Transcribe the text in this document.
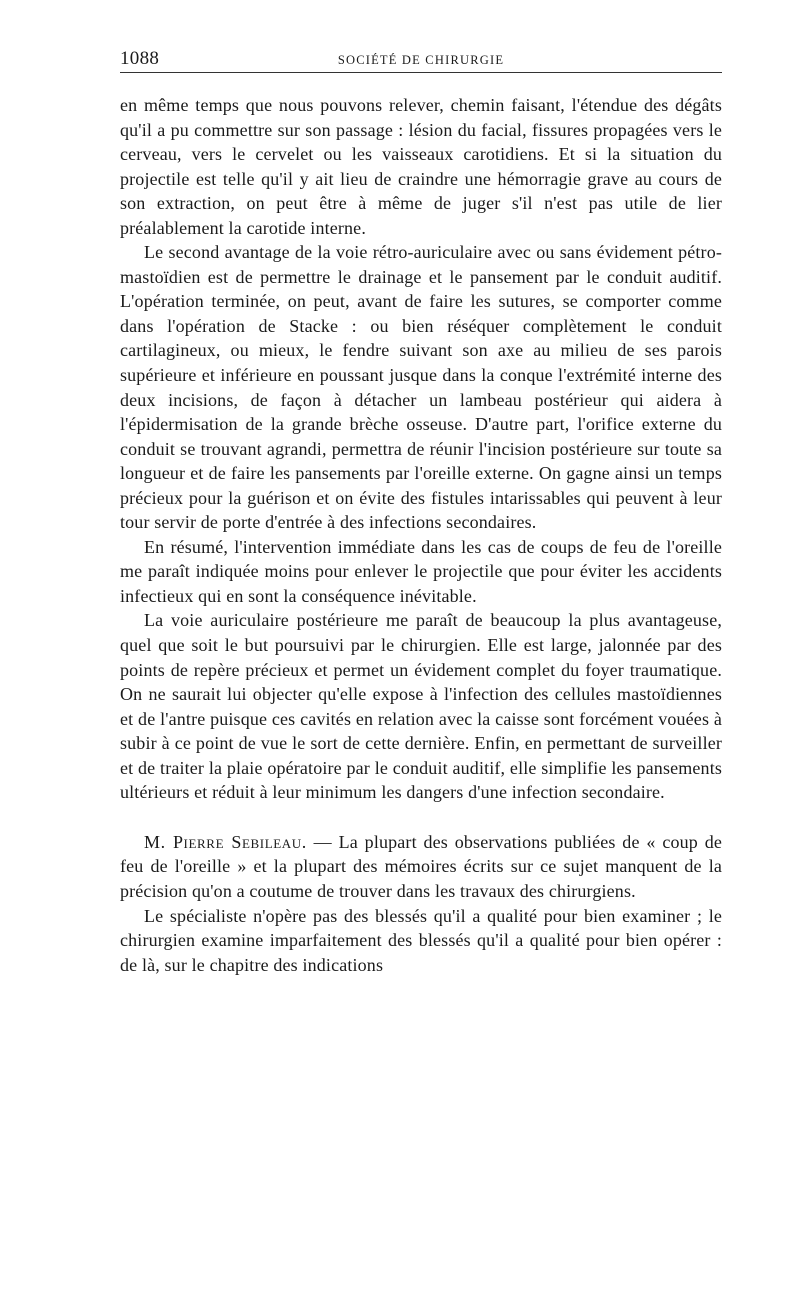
1088	SOCIÉTÉ DE CHIRURGIE

en même temps que nous pouvons relever, chemin faisant, l'étendue des dégâts qu'il a pu commettre sur son passage : lésion du facial, fissures propagées vers le cerveau, vers le cervelet ou les vaisseaux carotidiens. Et si la situation du projectile est telle qu'il y ait lieu de craindre une hémorragie grave au cours de son extraction, on peut être à même de juger s'il n'est pas utile de lier préalablement la carotide interne.

Le second avantage de la voie rétro-auriculaire avec ou sans évidement pétro-mastoïdien est de permettre le drainage et le pansement par le conduit auditif. L'opération terminée, on peut, avant de faire les sutures, se comporter comme dans l'opération de Stacke : ou bien réséquer complètement le conduit cartilagineux, ou mieux, le fendre suivant son axe au milieu de ses parois supérieure et inférieure en poussant jusque dans la conque l'extrémité interne des deux incisions, de façon à détacher un lambeau postérieur qui aidera à l'épidermisation de la grande brèche osseuse. D'autre part, l'orifice externe du conduit se trouvant agrandi, permettra de réunir l'incision postérieure sur toute sa longueur et de faire les pansements par l'oreille externe. On gagne ainsi un temps précieux pour la guérison et on évite des fistules intarissables qui peuvent à leur tour servir de porte d'entrée à des infections secondaires.

En résumé, l'intervention immédiate dans les cas de coups de feu de l'oreille me paraît indiquée moins pour enlever le projectile que pour éviter les accidents infectieux qui en sont la conséquence inévitable.

La voie auriculaire postérieure me paraît de beaucoup la plus avantageuse, quel que soit le but poursuivi par le chirurgien. Elle est large, jalonnée par des points de repère précieux et permet un évidement complet du foyer traumatique. On ne saurait lui objecter qu'elle expose à l'infection des cellules mastoïdiennes et de l'antre puisque ces cavités en relation avec la caisse sont forcément vouées à subir à ce point de vue le sort de cette dernière. Enfin, en permettant de surveiller et de traiter la plaie opératoire par le conduit auditif, elle simplifie les pansements ultérieurs et réduit à leur minimum les dangers d'une infection secondaire.

M. Pierre Sebileau. — La plupart des observations publiées de « coup de feu de l'oreille » et la plupart des mémoires écrits sur ce sujet manquent de la précision qu'on a coutume de trouver dans les travaux des chirurgiens.

Le spécialiste n'opère pas des blessés qu'il a qualité pour bien examiner ; le chirurgien examine imparfaitement des blessés qu'il a qualité pour bien opérer : de là, sur le chapitre des indications
